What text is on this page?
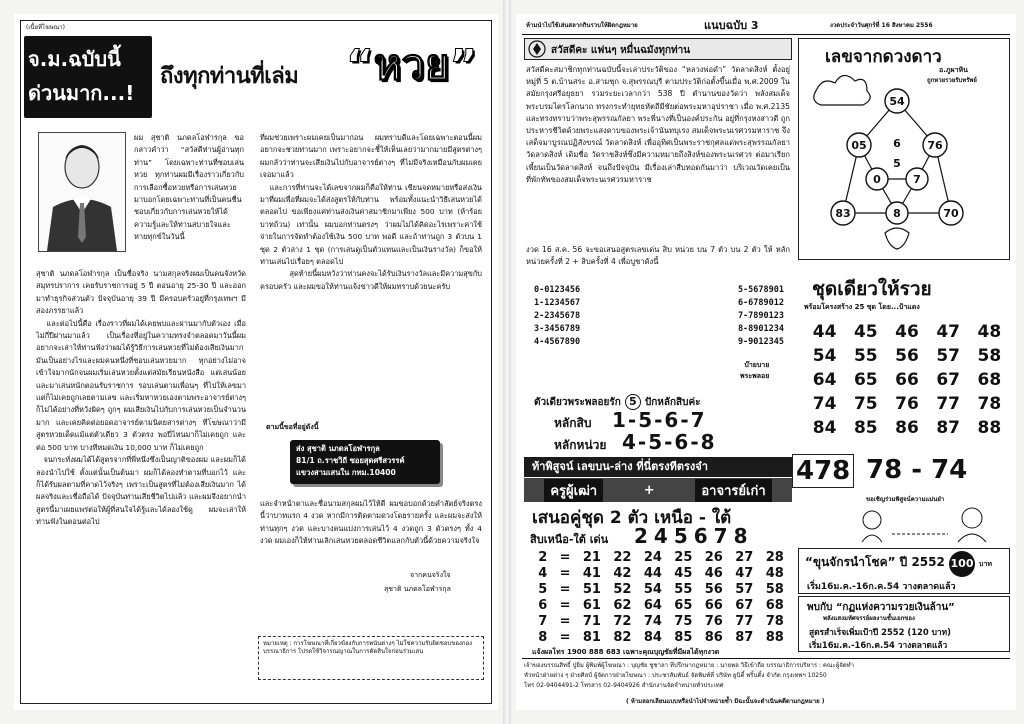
(เนื้อที่โฆษณา)
จ.ม.ฉบับนี้
ด่วนมาก...!
ถึงทุกท่านที่เล่ม “หวย”
ผม สุชาติ นภดลโอฬารกุล ขอกล่าวคำว่า “สวัสดีท่านผู้อ่านทุกท่าน” โดยเฉพาะท่านที่ชอบเล่นหวย ทุกท่านผมมีเรื่องราวเกี่ยวกับการเลือกซื้อหวยหรือการเล่นหวยมาบอกโดยเฉพาะท่านที่เป็นคนชื่นชอบเกี่ยวกับการเล่นหวยให้ได้ความรู้และให้ท่านสบายใจและหายทุกข์ในวันนี้
สุชาติ นภดลโอฬารกุล เป็นชื่อจริง นามสกุลจริงผมเป็นคนจังหวัดสมุทรปราการ เคยรับราชการอยู่ 5 ปี ตอนอายุ 25-30 ปี และออกมาทำธุรกิจส่วนตัว ปัจจุบันอายุ 39 ปี มีครอบครัวอยู่ที่กรุงเทพฯ มีสองภรรยาแล้ว
และต่อไปนี้คือ เรื่องราวที่ผมได้เคยพบและผ่านมากับตัวเอง เมื่อไม่กี่ปีผ่านมาแล้ว เป็นเรื่องที่อยู่ในความทรงจำตลอดมาวันนี้ผมอยากจะเล่าให้ท่านฟังว่าผมได้รู้วิธีการเล่นหวยที่ไม่ต้องเสียเงินมาก มันเป็นอย่างไรและผมคนหนึ่งที่ชอบเล่นหวยมาก ทุกอย่างไม่อาจเข้าใจมากนักจนผมเริ่มเล่นหวยตั้งแต่สมัยเรียนหนังสือ แต่เล่นน้อยและมาเล่นหนักตอนรับราชการ รอบเล่นตามเพื่อนๆ ที่ไปให้เลขมาแต่ก็ไม่เคยถูกเลยตามเลข และเริ่มหาหวยเองตามพระอาจารย์ต่างๆ ก็ไม่ได้อย่างที่หวังผิดๆ ถูกๆ ผมเสียเงินไปกับการเล่นหวยเป็นจำนวนมาก และเคยคิดต่อยอดอาจารย์ตามนิตยสารต่างๆ ที่โฆษณาว่ามีสูตรหวยเด็ดแม้แต่ตัวเดียว 3 ตัวตรง พอปี่ไหนมาก็ไม่เคยถูก และต่อ 500 บาท บางทีหมดเงิน 10,000 บาท ก็ไม่เคยถูก
จนกระทั่งผมได้ได้สูตรจากที่พี่หนึ่งซึ่งเป็นญาติของผม และผมก็ได้ลองนำไปใช้ ตั้งแต่นั้นเป็นต้นมา ผมก็ได้ลองทำตามที่บอกไว้ และก็ได้รับผลตามที่คาดไว้จริงๆ เพราะเป็นสูตรที่ไม่ต้องเสียเงินมาก ได้ผลจริงและเชื่อถือได้ ปัจจุบันท่านเสียชีวิตไปแล้ว และผมจึงอยากนำสูตรนี้มาเผยแพร่ต่อให้ผู้ที่สนใจได้รู้และได้ลองใช้ดู ผมจะเล่าให้ท่านฟังในตอนต่อไป
ที่ผมช่วยเพราะผมเคยเป็นมาก่อน ผมทราบดีและโดยเฉพาะตอนนี้ผมอยากจะช่วยท่านมาก เพราะอยากจะชี้ให้เห็นเลยว่ามากมายมีสูตรต่างๆ ผมกลัวว่าท่านจะเสียเงินไปกับอาจารย์ต่างๆ ที่ไม่มีจริงเหมือนกับผมเคยเจอมาแล้ว
และการที่ท่านจะได้เลขจากผมก็คือให้ท่าน เขียนจดหมายหรือส่งเงินมาที่ผมเพื่อที่ผมจะได้ส่งสูตรให้กับท่าน พร้อมทั้งแนะนำวิธีเล่นหวยได้ตลอดไป ขอเพียงแค่ท่านส่งเงินค่าสมาชิกมาเพียง 500 บาท (ห้าร้อยบาทถ้วน) เท่านั้น ผมบอกท่านตรงๆ ว่าผมไม่ได้คิดอะไรเพราะค่าใช้จ่ายในการจัดทำต้องใช้เงิน 500 บาท พอดี และถ้าท่านถูก 3 ตัวบน 1 ชุด 2 ตัวล่าง 1 ชุด (การเล่นดูเป็นตัวแทนและเป็นเงินรางวัล) ก็ขอให้ท่านเล่นไปเรื่อยๆ ตลอดไป
สุดท้ายนี้ผมหวังว่าท่านคงจะได้รับเงินรางวัลและมีความสุขกับครอบครัว และผมขอให้ท่านแจ้งข่าวดีให้ผมทราบด้วยนะครับ
ตามนี้ขอที่อยู่ดังนี้
ส่ง สุชาติ นภดลโอฬารกุล
81/1 ถ.ราชวิถี ซอยสุดศรีสวรรค์
แขวงสามเสนใน กทม.10400
และจำหน้าตาและชื่อนามสกุลผมไว้ให้ดี ผมขอบอกด้วยคำสัตย์จริงตรงนี้ว่าบาทแรก 4 งวด หากมีการติดตามดวงโดยรายครั้ง และผมจะส่งให้ท่านทุกๆ งวด และบางคนแบ่งการเล่นไว้ 4 งวดถูก 3 ตัวตรงๆ ทั้ง 4 งวด ผมเองก็ให้ท่านเลิกเล่นหวยตลอดชีวิตแลกกับตัวนี้ด้วยความจริงใจ
จากคนจริงใจ
สุชาติ นภดลโอฬารกุล
หมายเหตุ : การโฆษณาที่เกี่ยวข้องกับการพนันต่างๆ ไม่ใช่ความรับผิดชอบของกองบรรณาธิการ โปรดใช้วิจารณญาณในการตัดสินใจก่อนร่วมเล่น
ห้ามนำไปใช้เล่นสลากกินรวบให้ผิดกฎหมาย	แนบฉบับ 3	งวดประจำวันศุกร์ที่ 16 สิงหาคม 2556
สวัสดีคะ แฟนๆ หมื่นฉมังทุกท่าน
สวัสดีคะสมาชิกทุกท่านฉบับนี้จะเล่าประวัติของ “หลวงพ่อดำ” วัดลาดสิงห์ ตั้งอยู่หมู่ที่ 5 ต.บ้านสระ อ.สามชุก จ.สุพรรณบุรี ตามประวัติก่อตั้งขึ้นเมื่อ พ.ศ.2009 ในสมัยกรุงศรีอยุธยา รวมระยะเวลากว่า 538 ปี ตำนานของวัดว่า พลังสมเด็จพระบรมไตรโลกนาถ ทรงกระทำยุทธหัตถีมีชัยต่อพระมหาอุปราชา เมื่อ พ.ศ.2135 และทรงทราบว่าพระสุพรรณกัลยา พระพี่นางที่เป็นองค์ประกัน อยู่ที่กรุงหงสาวดี ถูกประหารชีวิตด้วยพระแสงดาบของพระเจ้านันทบุเรง สมเด็จพระนเรศวรมหาราช จึงเสด็จมาบูรณปฏิสังขรณ์ วัดลาดสิงห์ เพื่ออุทิศเป็นพระราชกุศลแด่พระสุพรรณกัลยา วัดลาดสิงห์ เดิมชื่อ วัดราชสิงห์ซึ่งมีความหมายถึงสิงห์ของพระนเรศวร ต่อมาเรียกเพี้ยนเป็นวัดลาดสิงห์ จนถึงปัจจุบัน มีเรื่องเล่าสืบทอดกันมาว่า บริเวณวัดเคยเป็นที่พักทัพของสมเด็จพระนเรศวรมหาราช
งวด 16 ส.ค. 56 จะขอเสนอสูตรเลขเด่น สิบ หน่วย บน 7 ตัว บน 2 ตัว ให้ หลักหน่วยครั้งที่ 2 + สิบครั้งที่ 4 เพื่อบูชาดังนี้
0-0123456	5-5678901
1-1234567	6-6789012
2-2345678	7-7890123
3-3456789	8-8901234
4-4567890	9-9012345
บ๊ายบาย
พระพลอย
ตัวเดียวพระพลอยรัก 5 ปักหลักสิบค่ะ
หลักสิบ 1-5-6-7
หลักหน่วย 4-5-6-8
ท้าพิสูจน์ เลขบน-ล่าง ที่นี่ตรงทีตรงจ๋า
ครูผู้เฒ่า	+	อาจารย์เก่า
เสนอคู่ชุด 2 ตัว เหนือ - ใต้
สิบเหนือ-ใต้ เด่น 245678
2 = 21 22 24 25 26 27 28
4 = 41 42 44 45 46 47 48
5 = 51 52 54 55 56 57 58
6 = 61 62 64 65 66 67 68
7 = 71 72 74 75 76 77 78
8 = 81 82 84 85 86 87 88
แจ้งผลโทร 1900 888 683 เฉพาะคุณบุญชัยที่มีผลได้ทุกงวด
เลขจากดวงดาว
อ.ภูผาหิน
ถูกหวยรวยรับทรัพย์
54
05	76
0	7
8
83	70
6
5
ชุดเดียวให้รวย
พร้อมโครงสร้าง 25 ชุด โดย...ป้าแดง
44 45 46 47 48
54 55 56 57 58
64 65 66 67 68
74 75 76 77 78
84 85 86 87 88
478 78 - 74
ขอเชิญร่วมพิสูจน์ความแม่นยำ
“ขุนจักรนำโชค” ปี 2552 100 บาท
เริ่ม16ม.ค.-16ก.ค.54 วางตลาดแล้ว
พบกับ “กฏแห่งความรวยเงินล้าน”
พลังแสงมหัศจรรย์ผลงานชั้นเอกของ
สูตรสำเร็จเพิ่มเป้าปี 2552 (120 บาท)
เริ่ม16ม.ค.-16ก.ค.54 วางตลาดแล้ว
เจ้าของบรรณสิทธิ์ ปู่ยิ่ม ผู้พิมพ์ผู้โฆษณา : บุญชัย ชูชาลา ที่ปรึกษากฎหมาย : นายพล วิธีเข้าถือ บรรณาธิการบริหาร : คณะผู้จัดทำ
หัวหน้าฝ่ายต่าง ๆ ฝ่ายศิลป์ ผู้จัดการฝ่ายโฆษณา : ประชาสัมพันธ์ จัดพิมพ์ที่ บริษัท ยูนิตี้ พริ้นติ้ง จำกัด กรุงเทพฯ 10250
โทร 02-9404491-2 โทรสาร 02-9404926 สำนักงานจัดจำหน่ายทั่วประเทศ
( ห้ามลอกเลียนแบบหรือนำไปจำหน่ายซ้ำ มิฉะนั้นจะดำเนินคดีตามกฎหมาย )
